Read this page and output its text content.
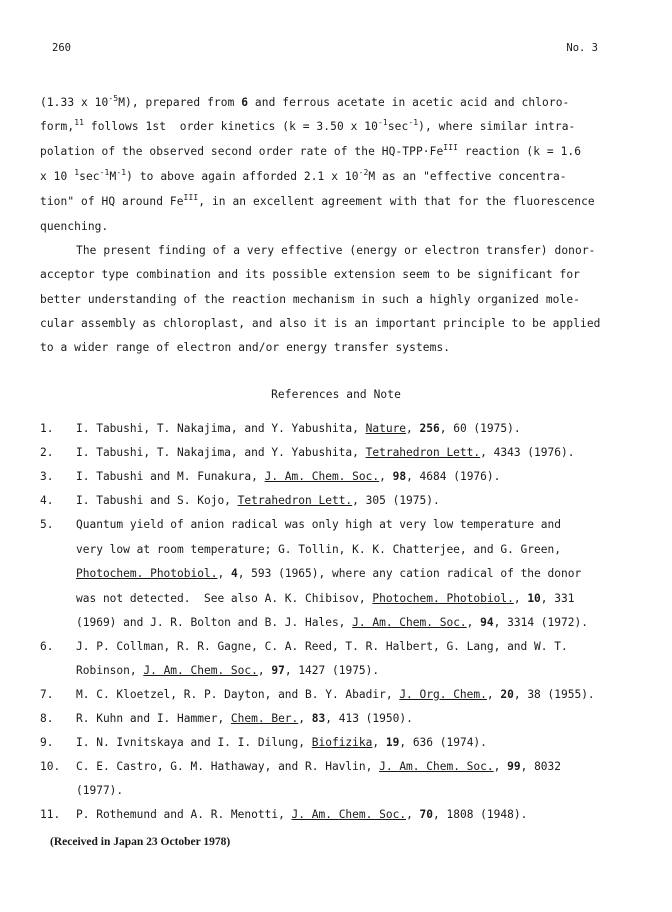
260	No. 3
(1.33 x $10^{-5}M$), prepared from 6 and ferrous acetate in acetic acid and chloro-
form,$^{11}$ follows 1st  order kinetics (k = 3.50 x $10^{-1}\sec^{-1}$), where similar intra-
polation of the observed second order rate of the $HQ-TPP\cdot Fe^{III}$ reaction (k = 1.6
x 10 $^1\sec^{-1}M^{-1}$) to above again afforded 2.1 x $10^{-2}M$ as an "effective concentra-
tion" of HQ around $Fe^{III}$, in an excellent agreement with that for the fluorescence
quenching.
The present finding of a very effective (energy or electron transfer) donor-
acceptor type combination and its possible extension seem to be significant for
better understanding of the reaction mechanism in such a highly organized mole-
cular assembly as chloroplast, and also it is an important principle to be applied
to a wider range of electron and/or energy transfer systems.
References and Note
1. I. Tabushi, T. Nakajima, and Y. Yabushita, Nature, 256, 60 (1975).
2. I. Tabushi, T. Nakajima, and Y. Yabushita, Tetrahedron Lett., 4343 (1976).
3. I. Tabushi and M. Funakura, J. Am. Chem. Soc., 98, 4684 (1976).
4. I. Tabushi and S. Kojo, Tetrahedron Lett., 305 (1975).
5. Quantum yield of anion radical was only high at very low temperature and
very low at room temperature; G. Tollin, K. K. Chatterjee, and G. Green,
Photochem. Photobiol., 4, 593 (1965), where any cation radical of the donor
was not detected.  See also A. K. Chibisov, Photochem. Photobiol., 10, 331
(1969) and J. R. Bolton and B. J. Hales, J. Am. Chem. Soc., 94, 3314 (1972).
6. J. P. Collman, R. R. Gagne, C. A. Reed, T. R. Halbert, G. Lang, and W. T.
Robinson, J. Am. Chem. Soc., 97, 1427 (1975).
7. M. C. Kloetzel, R. P. Dayton, and B. Y. Abadir, J. Org. Chem., 20, 38 (1955).
8. R. Kuhn and I. Hammer, Chem. Ber., 83, 413 (1950).
9. I. N. Ivnitskaya and I. I. Dilung, Biofizika, 19, 636 (1974).
10. C. E. Castro, G. M. Hathaway, and R. Havlin, J. Am. Chem. Soc., 99, 8032
(1977).
11. P. Rothemund and A. R. Menotti, J. Am. Chem. Soc., 70, 1808 (1948).
(Received in Japan 23 October 1978)
